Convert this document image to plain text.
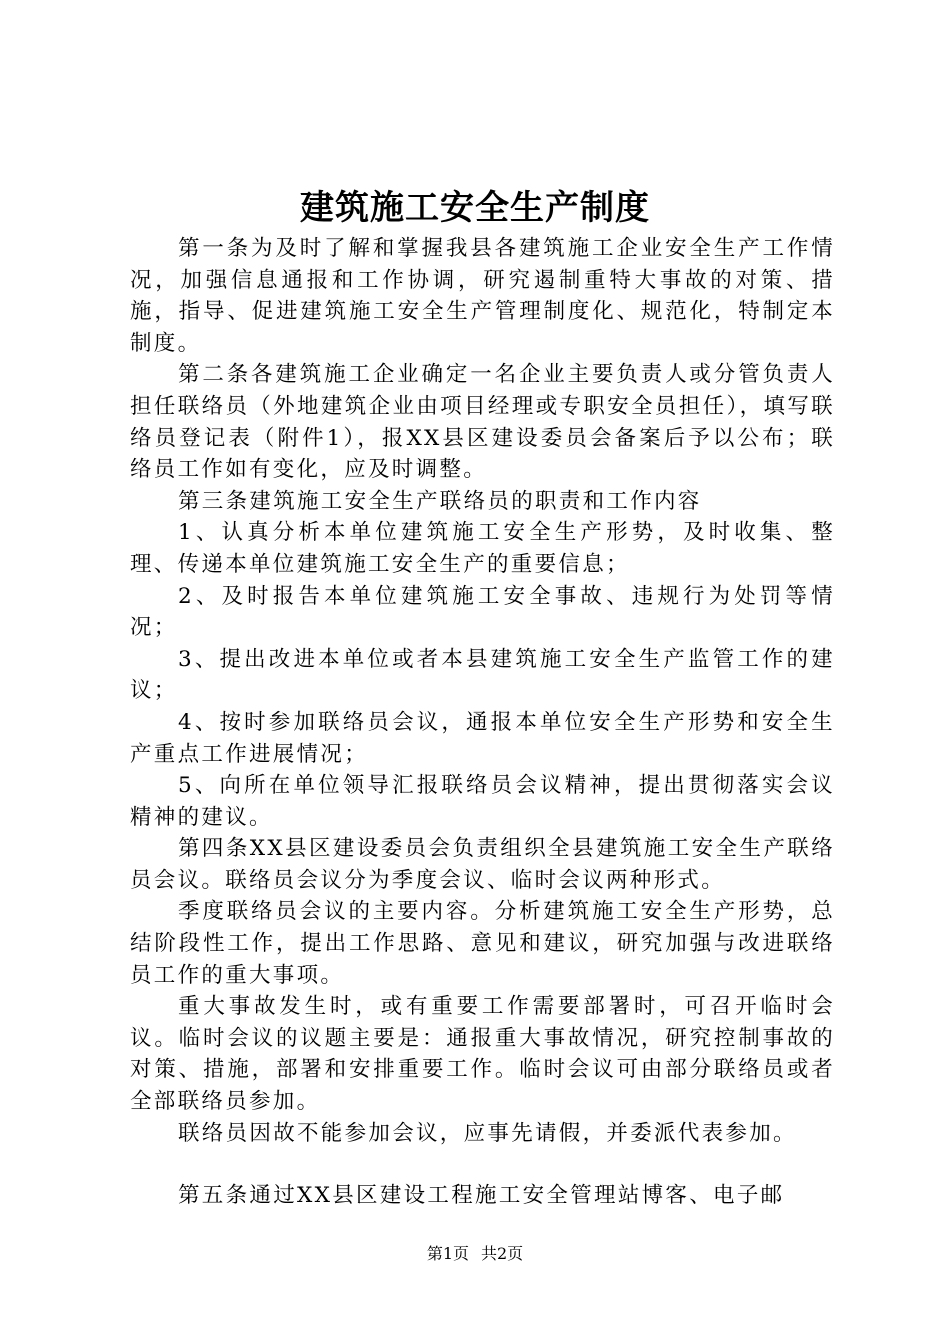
建筑施工安全生产制度

第一条为及时了解和掌握我县各建筑施工企业安全生产工作情况，加强信息通报和工作协调，研究遏制重特大事故的对策、措施，指导、促进建筑施工安全生产管理制度化、规范化，特制定本制度。

第二条各建筑施工企业确定一名企业主要负责人或分管负责人担任联络员（外地建筑企业由项目经理或专职安全员担任），填写联络员登记表（附件1），报XX县区建设委员会备案后予以公布；联络员工作如有变化，应及时调整。

第三条建筑施工安全生产联络员的职责和工作内容

1、认真分析本单位建筑施工安全生产形势，及时收集、整理、传递本单位建筑施工安全生产的重要信息；

2、及时报告本单位建筑施工安全事故、违规行为处罚等情况；

3、提出改进本单位或者本县建筑施工安全生产监管工作的建议；

4、按时参加联络员会议，通报本单位安全生产形势和安全生产重点工作进展情况；

5、向所在单位领导汇报联络员会议精神，提出贯彻落实会议精神的建议。

第四条XX县区建设委员会负责组织全县建筑施工安全生产联络员会议。联络员会议分为季度会议、临时会议两种形式。

季度联络员会议的主要内容。分析建筑施工安全生产形势，总结阶段性工作，提出工作思路、意见和建议，研究加强与改进联络员工作的重大事项。

重大事故发生时，或有重要工作需要部署时，可召开临时会议。临时会议的议题主要是：通报重大事故情况，研究控制事故的对策、措施，部署和安排重要工作。临时会议可由部分联络员或者全部联络员参加。

联络员因故不能参加会议，应事先请假，并委派代表参加。

第五条通过XX县区建设工程施工安全管理站博客、电子邮

第1页 共2页
